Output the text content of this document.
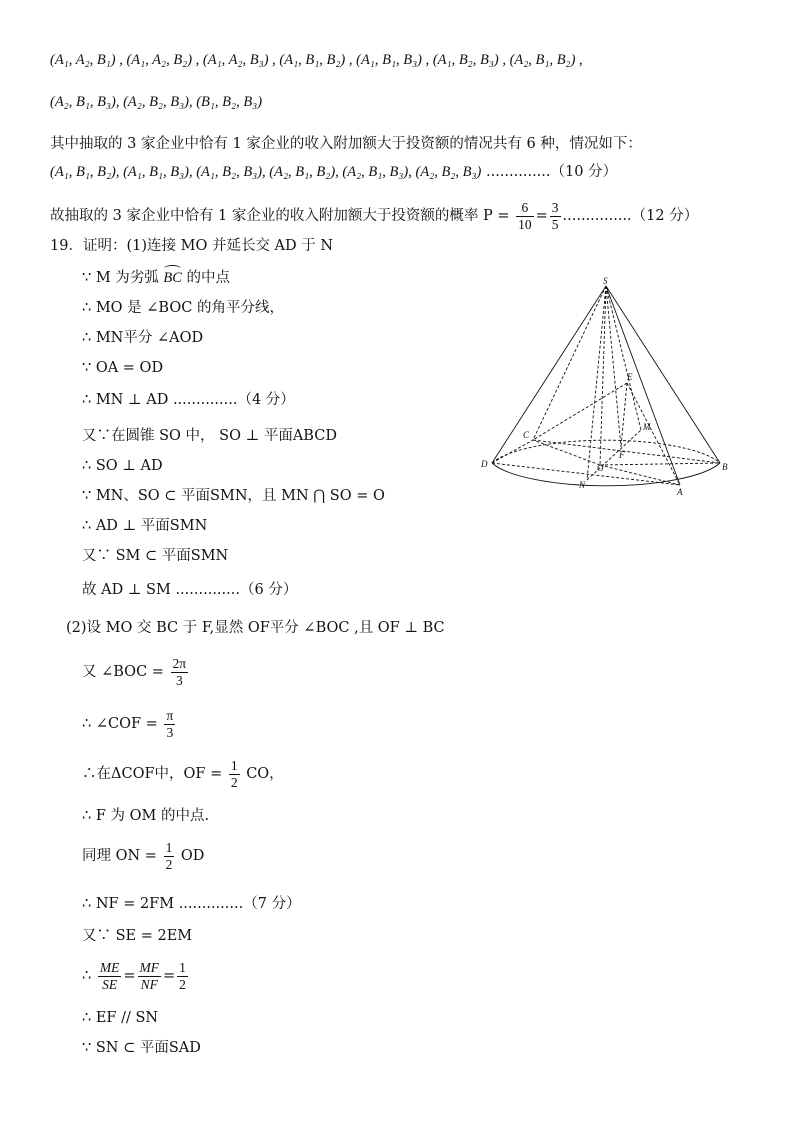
(A₁, A₂, B₁) , (A₁, A₂, B₂) , (A₁, A₂, B₃) , (A₁, B₁, B₂) , (A₁, B₁, B₃) , (A₁, B₂, B₃) , (A₂, B₁, B₂) ,
(A₂, B₁, B₃), (A₂, B₂, B₃), (B₁, B₂, B₃)
其中抽取的 3 家企业中恰有 1 家企业的收入附加额大于投资额的情况共有 6 种，情况如下：
(A₁, B₁, B₂), (A₁, B₁, B₃), (A₁, B₂, B₃), (A₂, B₁, B₂), (A₂, B₁, B₃), (A₂, B₂, B₃) ..............（10 分）
故抽取的 3 家企业中恰有 1 家企业的收入附加额大于投资额的概率 $P = \frac{6}{10} = \frac{3}{5} ...............(12$ 分）
19．证明：(1)连接 MO 并延长交 AD 于 N
∵ M 为劣弧 BC 的中点
∴ MO 是 ∠BOC 的角平分线，
∴ MN平分 ∠AOD
∵ OA = OD
∴ MN ⊥ AD ..............（4 分）
又∵在圆锥 SO 中， SO ⊥ 平面ABCD
∴ SO ⊥ AD
∵ MN、SO ⊂ 平面SMN，且 MN ⋂ SO = O
∴ AD ⊥ 平面SMN
又∵ SM ⊂ 平面SMN
故 AD ⊥ SM ..............（6 分）
(2)设 MO 交 BC 于 F,显然 OF平分 ∠BOC ,且 OF ⊥ BC
又 ∠BOC = $\frac{2\pi}{3}$
∴ ∠COF = $\frac{\pi}{3}$
∴在ΔCOF中，OF = $\frac{1}{2}$ CO，
∴ F 为 OM 的中点.
同理 ON = $\frac{1}{2}$ OD
∴ NF = 2FM ..............（7 分）
又∵ SE = 2EM
∴ $\frac{ME}{SE} = \frac{MF}{NF} = \frac{1}{2}$
∴ EF // SN
∵ SN ⊂ 平面SAD
S
E
M
C
F
D	O	B
N
A
